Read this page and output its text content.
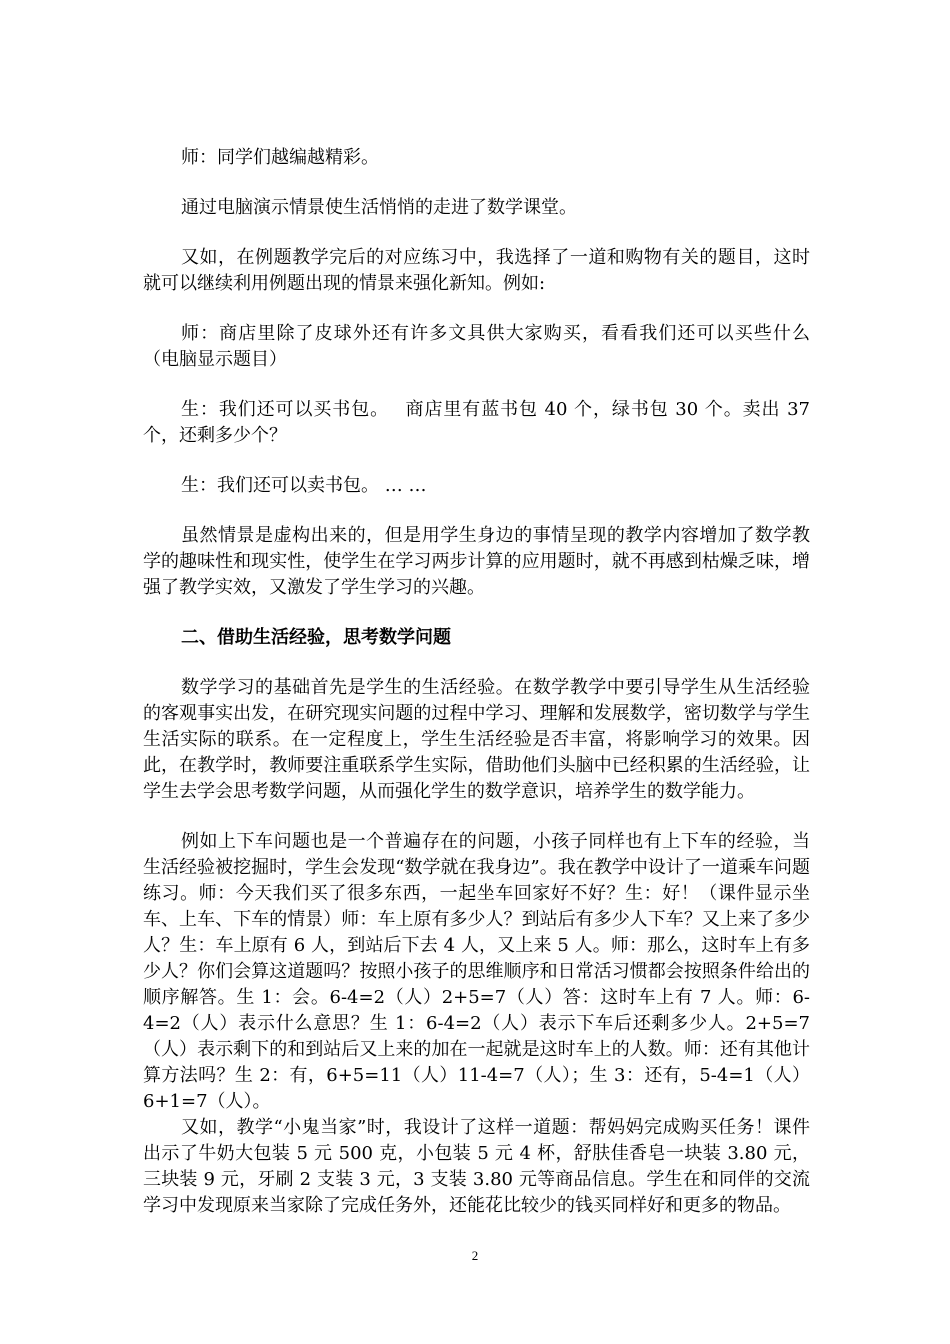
师：同学们越编越精彩。

通过电脑演示情景使生活悄悄的走进了数学课堂。

又如，在例题教学完后的对应练习中，我选择了一道和购物有关的题目，这时就可以继续利用例题出现的情景来强化新知。例如:

师：商店里除了皮球外还有许多文具供大家购买，看看我们还可以买些什么（电脑显示题目）

生：我们还可以买书包。　 商店里有蓝书包 40 个，绿书包 30 个。卖出 37 个，还剩多少个？

生：我们还可以卖书包。 … …

虽然情景是虚构出来的，但是用学生身边的事情呈现的教学内容增加了数学教学的趣味性和现实性，使学生在学习两步计算的应用题时，就不再感到枯燥乏味，增强了教学实效，又激发了学生学习的兴趣。

二、借助生活经验，思考数学问题

数学学习的基础首先是学生的生活经验。在数学教学中要引导学生从生活经验的客观事实出发，在研究现实问题的过程中学习、理解和发展数学，密切数学与学生生活实际的联系。在一定程度上，学生生活经验是否丰富，将影响学习的效果。因此，在教学时，教师要注重联系学生实际，借助他们头脑中已经积累的生活经验，让学生去学会思考数学问题，从而强化学生的数学意识，培养学生的数学能力。

例如上下车问题也是一个普遍存在的问题，小孩子同样也有上下车的经验，当生活经验被挖掘时，学生会发现“数学就在我身边”。我在教学中设计了一道乘车问题练习。师：今天我们买了很多东西，一起坐车回家好不好？生：好！（课件显示坐车、上车、下车的情景）师：车上原有多少人？到站后有多少人下车？又上来了多少人？生：车上原有 6 人，到站后下去 4 人，又上来 5 人。师：那么，这时车上有多少人？你们会算这道题吗？按照小孩子的思维顺序和日常活习惯都会按照条件给出的顺序解答。生 1：会。6-4=2（人）2+5=7（人）答：这时车上有 7 人。师：6-4=2（人）表示什么意思？生 1：6-4=2（人）表示下车后还剩多少人。2+5=7（人）表示剩下的和到站后又上来的加在一起就是这时车上的人数。师：还有其他计算方法吗？生 2：有，6+5=11（人）11-4=7（人）；生 3：还有，5-4=1（人）6+1=7（人）。

又如，教学“小鬼当家”时，我设计了这样一道题：帮妈妈完成购买任务！课件出示了牛奶大包装 5 元 500 克，小包装 5 元 4 杯，舒肤佳香皂一块装 3.80 元，三块装 9 元，牙刷 2 支装 3 元，3 支装 3.80 元等商品信息。学生在和同伴的交流学习中发现原来当家除了完成任务外，还能花比较少的钱买同样好和更多的物品。

2
